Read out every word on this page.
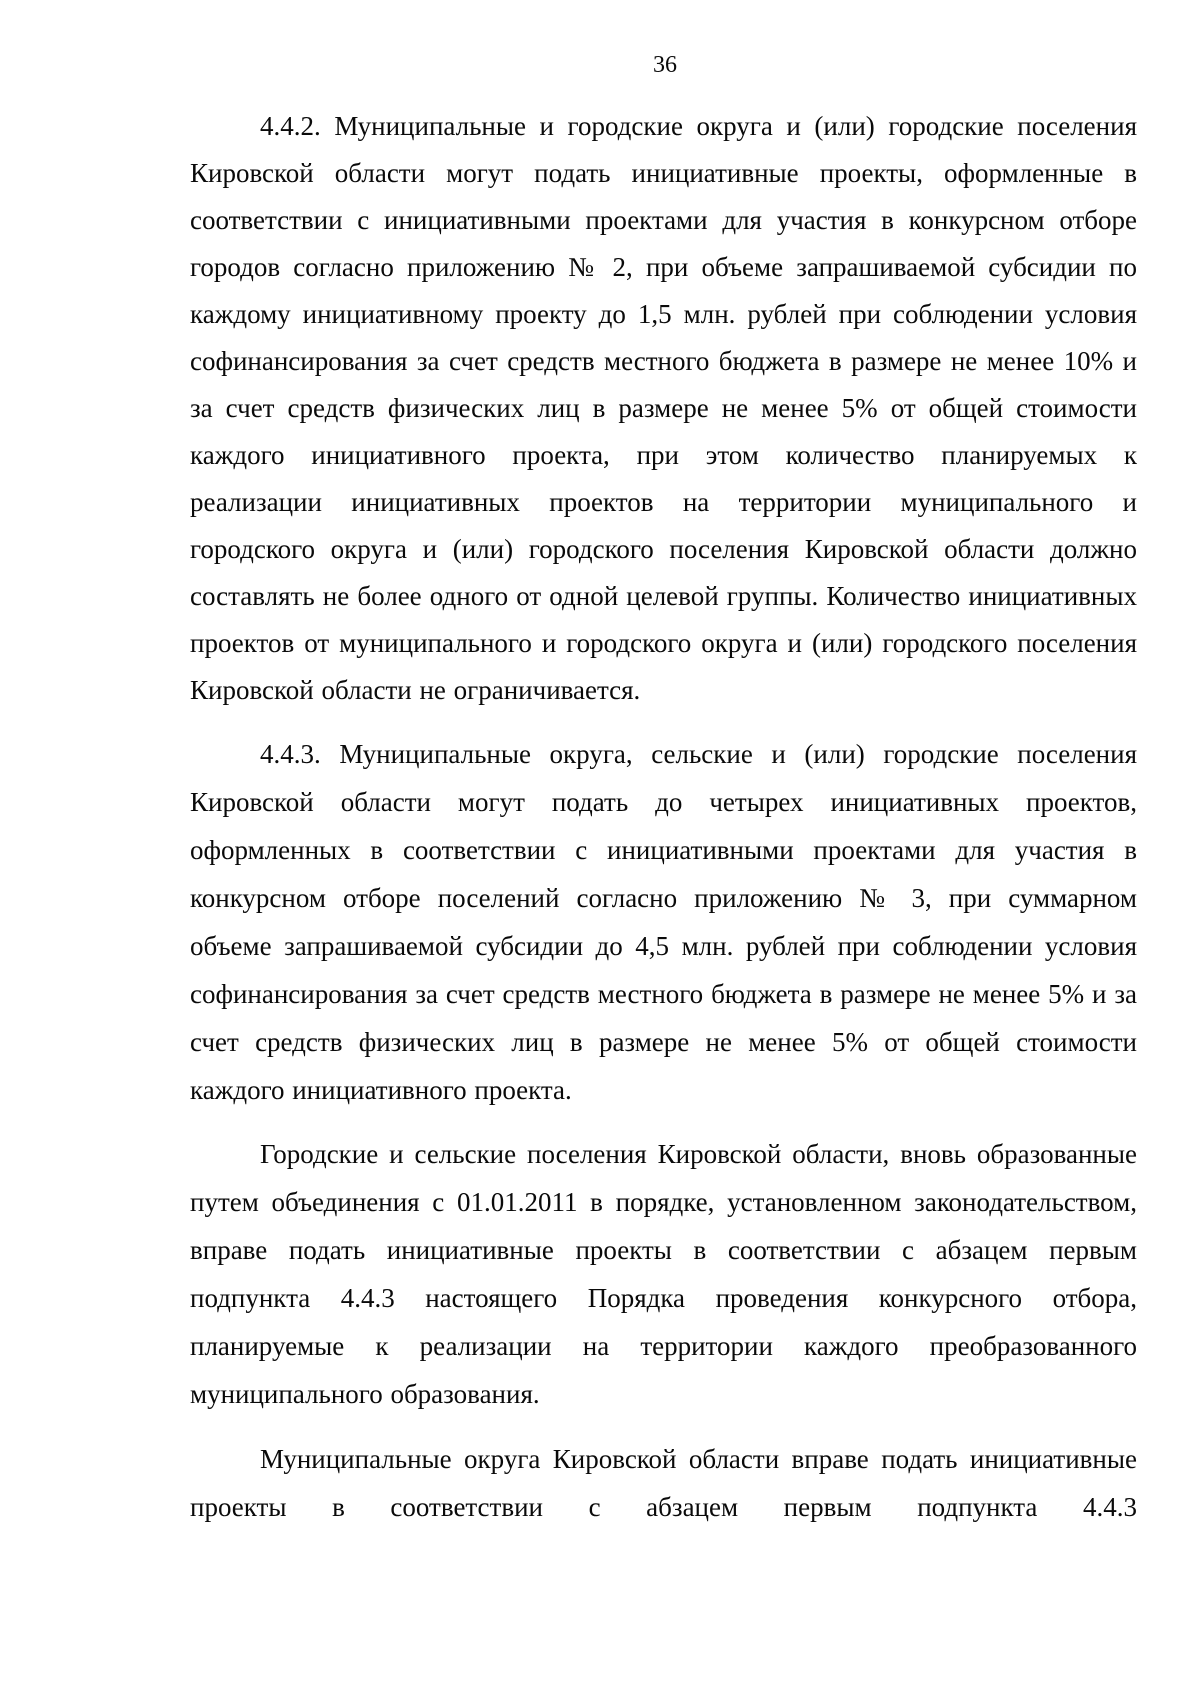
36

4.4.2. Муниципальные и городские округа и (или) городские поселения Кировской области могут подать инициативные проекты, оформленные в соответствии с инициативными проектами для участия в конкурсном отборе городов согласно приложению № 2, при объеме запрашиваемой субсидии по каждому инициативному проекту до 1,5 млн. рублей при соблюдении условия софинансирования за счет средств местного бюджета в размере не менее 10% и за счет средств физических лиц в размере не менее 5% от общей стоимости каждого инициативного проекта, при этом количество планируемых к реализации инициативных проектов на территории муниципального и городского округа и (или) городского поселения Кировской области должно составлять не более одного от одной целевой группы. Количество инициативных проектов от муниципального и городского округа и (или) городского поселения Кировской области не ограничивается.

4.4.3. Муниципальные округа, сельские и (или) городские поселения Кировской области могут подать до четырех инициативных проектов, оформленных в соответствии с инициативными проектами для участия в конкурсном отборе поселений согласно приложению № 3, при суммарном объеме запрашиваемой субсидии до 4,5 млн. рублей при соблюдении условия софинансирования за счет средств местного бюджета в размере не менее 5% и за счет средств физических лиц в размере не менее 5% от общей стоимости каждого инициативного проекта.

Городские и сельские поселения Кировской области, вновь образованные путем объединения с 01.01.2011 в порядке, установленном законодательством, вправе подать инициативные проекты в соответствии с абзацем первым подпункта 4.4.3 настоящего Порядка проведения конкурсного отбора, планируемые к реализации на территории каждого преобразованного муниципального образования.

Муниципальные округа Кировской области вправе подать инициативные проекты в соответствии с абзацем первым подпункта 4.4.3
